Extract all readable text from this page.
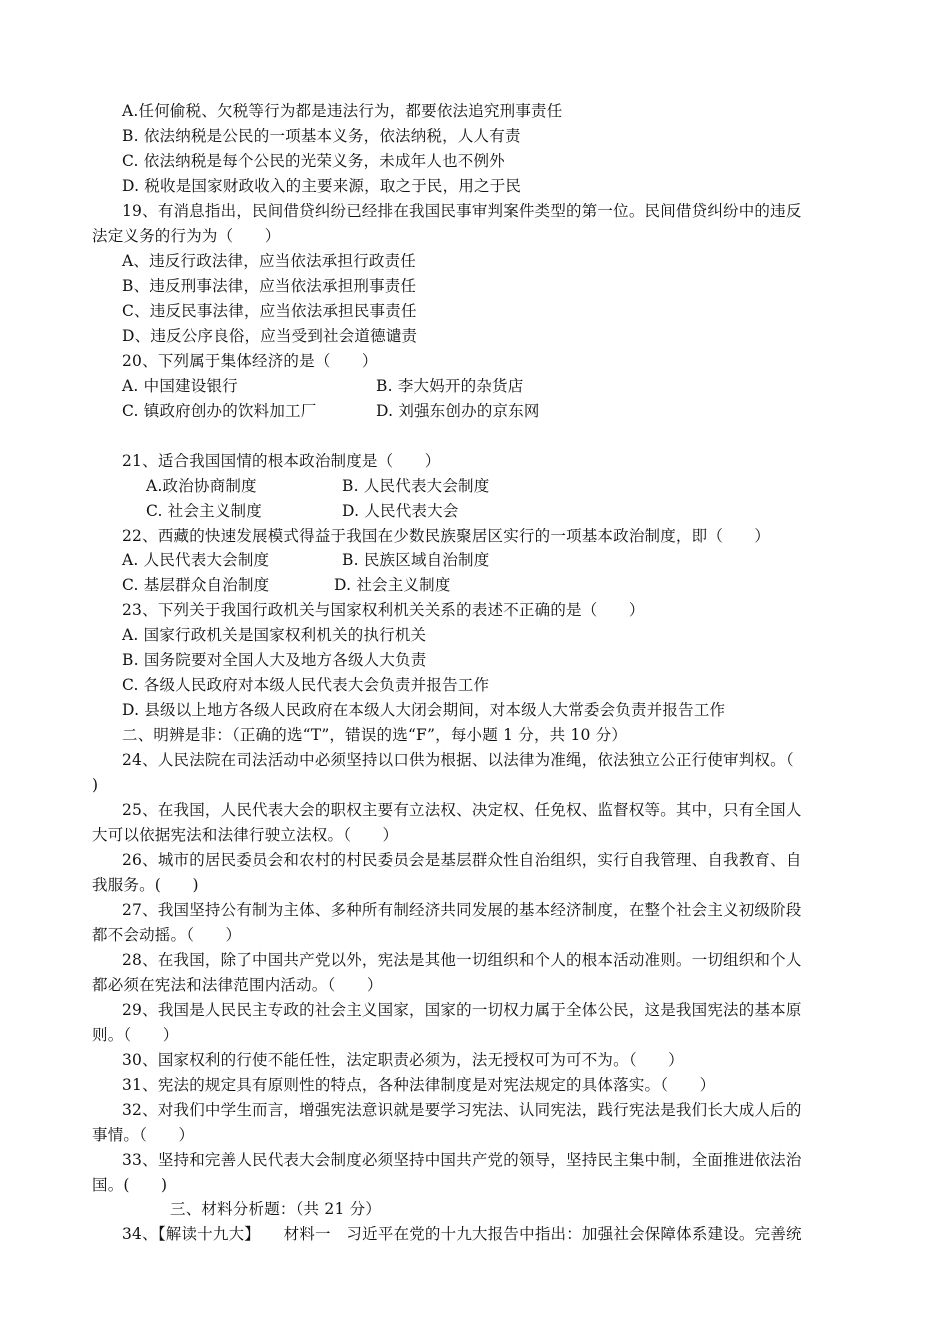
A.任何偷税、欠税等行为都是违法行为，都要依法追究刑事责任
B. 依法纳税是公民的一项基本义务，依法纳税，人人有责
C. 依法纳税是每个公民的光荣义务，未成年人也不例外
D. 税收是国家财政收入的主要来源，取之于民，用之于民
19、有消息指出，民间借贷纠纷已经排在我国民事审判案件类型的第一位。民间借贷纠纷中的违反
法定义务的行为为（　　）
A、违反行政法律，应当依法承担行政责任
B、违反刑事法律，应当依法承担刑事责任
C、违反民事法律，应当依法承担民事责任
D、违反公序良俗，应当受到社会道德谴责
20、下列属于集体经济的是（　　）
A. 中国建设银行	B. 李大妈开的杂货店
C. 镇政府创办的饮料加工厂	D. 刘强东创办的京东网
21、适合我国国情的根本政治制度是（　　）
A.政治协商制度	B. 人民代表大会制度
C. 社会主义制度	D. 人民代表大会
22、西藏的快速发展模式得益于我国在少数民族聚居区实行的一项基本政治制度，即（　　）
A. 人民代表大会制度	B. 民族区域自治制度
C. 基层群众自治制度	D. 社会主义制度
23、下列关于我国行政机关与国家权利机关关系的表述不正确的是（　　）
A. 国家行政机关是国家权利机关的执行机关
B. 国务院要对全国人大及地方各级人大负责
C. 各级人民政府对本级人民代表大会负责并报告工作
D. 县级以上地方各级人民政府在本级人大闭会期间，对本级人大常委会负责并报告工作
二、明辨是非：（正确的选“T”，错误的选“F”，每小题 1 分，共 10 分）
24、人民法院在司法活动中必须坚持以口供为根据、以法律为准绳，依法独立公正行使审判权。（
)
25、在我国，人民代表大会的职权主要有立法权、决定权、任免权、监督权等。其中，只有全国人
大可以依据宪法和法律行驶立法权。（　　）
26、城市的居民委员会和农村的村民委员会是基层群众性自治组织，实行自我管理、自我教育、自
我服务。(　　)
27、我国坚持公有制为主体、多种所有制经济共同发展的基本经济制度，在整个社会主义初级阶段
都不会动摇。（　　）
28、在我国，除了中国共产党以外，宪法是其他一切组织和个人的根本活动准则。一切组织和个人
都必须在宪法和法律范围内活动。（　　）
29、我国是人民民主专政的社会主义国家，国家的一切权力属于全体公民，这是我国宪法的基本原
则。（　　）
30、国家权利的行使不能任性，法定职责必须为，法无授权可为可不为。（　　）
31、宪法的规定具有原则性的特点，各种法律制度是对宪法规定的具体落实。（　　）
32、对我们中学生而言，增强宪法意识就是要学习宪法、认同宪法，践行宪法是我们长大成人后的
事情。（　　）
33、坚持和完善人民代表大会制度必须坚持中国共产党的领导，坚持民主集中制，全面推进依法治
国。(　　)
三、材料分析题：（共 21 分）
34、【解读十九大】　　材料一　习近平在党的十九大报告中指出：加强社会保障体系建设。完善统
